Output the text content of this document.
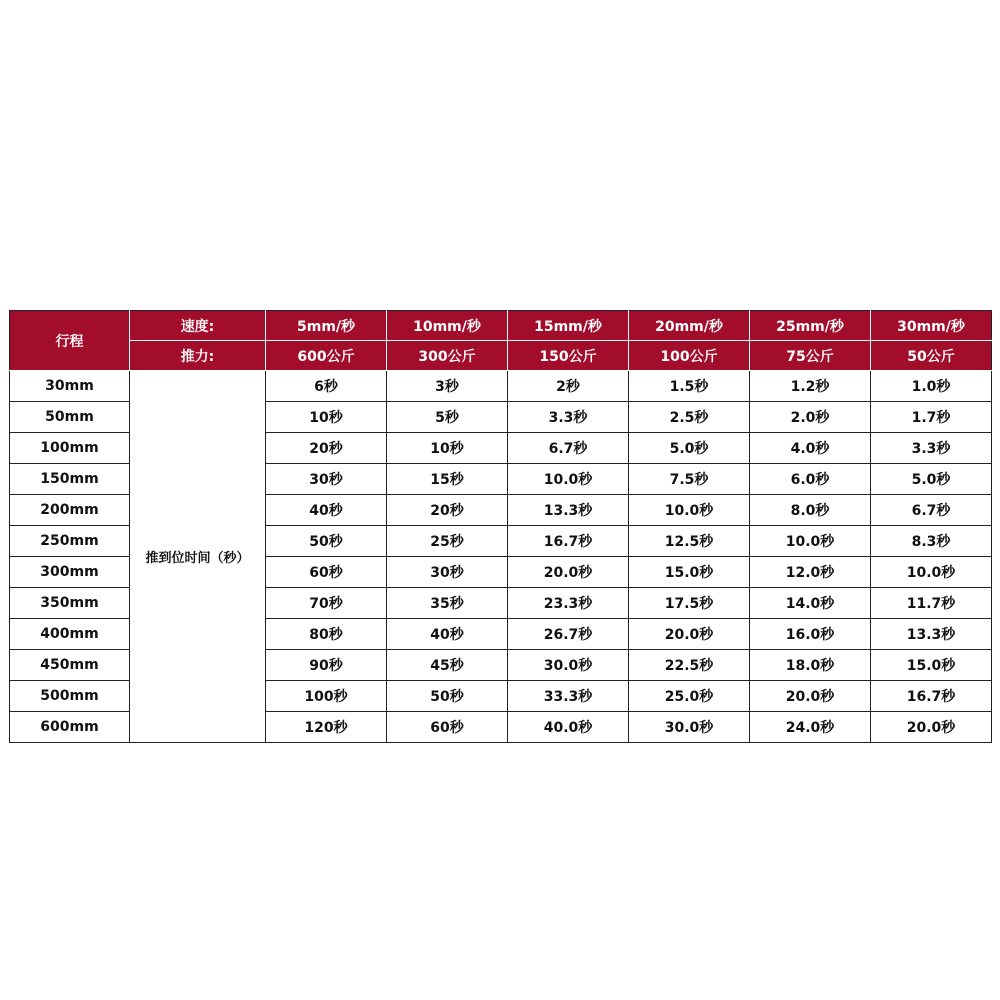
行程	速度:	5mm/秒	10mm/秒	15mm/秒	20mm/秒	25mm/秒	30mm/秒
	推力:	600公斤	300公斤	150公斤	100公斤	75公斤	50公斤
30mm	推到位时间（秒）	6秒	3秒	2秒	1.5秒	1.2秒	1.0秒
50mm		10秒	5秒	3.3秒	2.5秒	2.0秒	1.7秒
100mm		20秒	10秒	6.7秒	5.0秒	4.0秒	3.3秒
150mm		30秒	15秒	10.0秒	7.5秒	6.0秒	5.0秒
200mm		40秒	20秒	13.3秒	10.0秒	8.0秒	6.7秒
250mm		50秒	25秒	16.7秒	12.5秒	10.0秒	8.3秒
300mm		60秒	30秒	20.0秒	15.0秒	12.0秒	10.0秒
350mm		70秒	35秒	23.3秒	17.5秒	14.0秒	11.7秒
400mm		80秒	40秒	26.7秒	20.0秒	16.0秒	13.3秒
450mm		90秒	45秒	30.0秒	22.5秒	18.0秒	15.0秒
500mm		100秒	50秒	33.3秒	25.0秒	20.0秒	16.7秒
600mm		120秒	60秒	40.0秒	30.0秒	24.0秒	20.0秒
